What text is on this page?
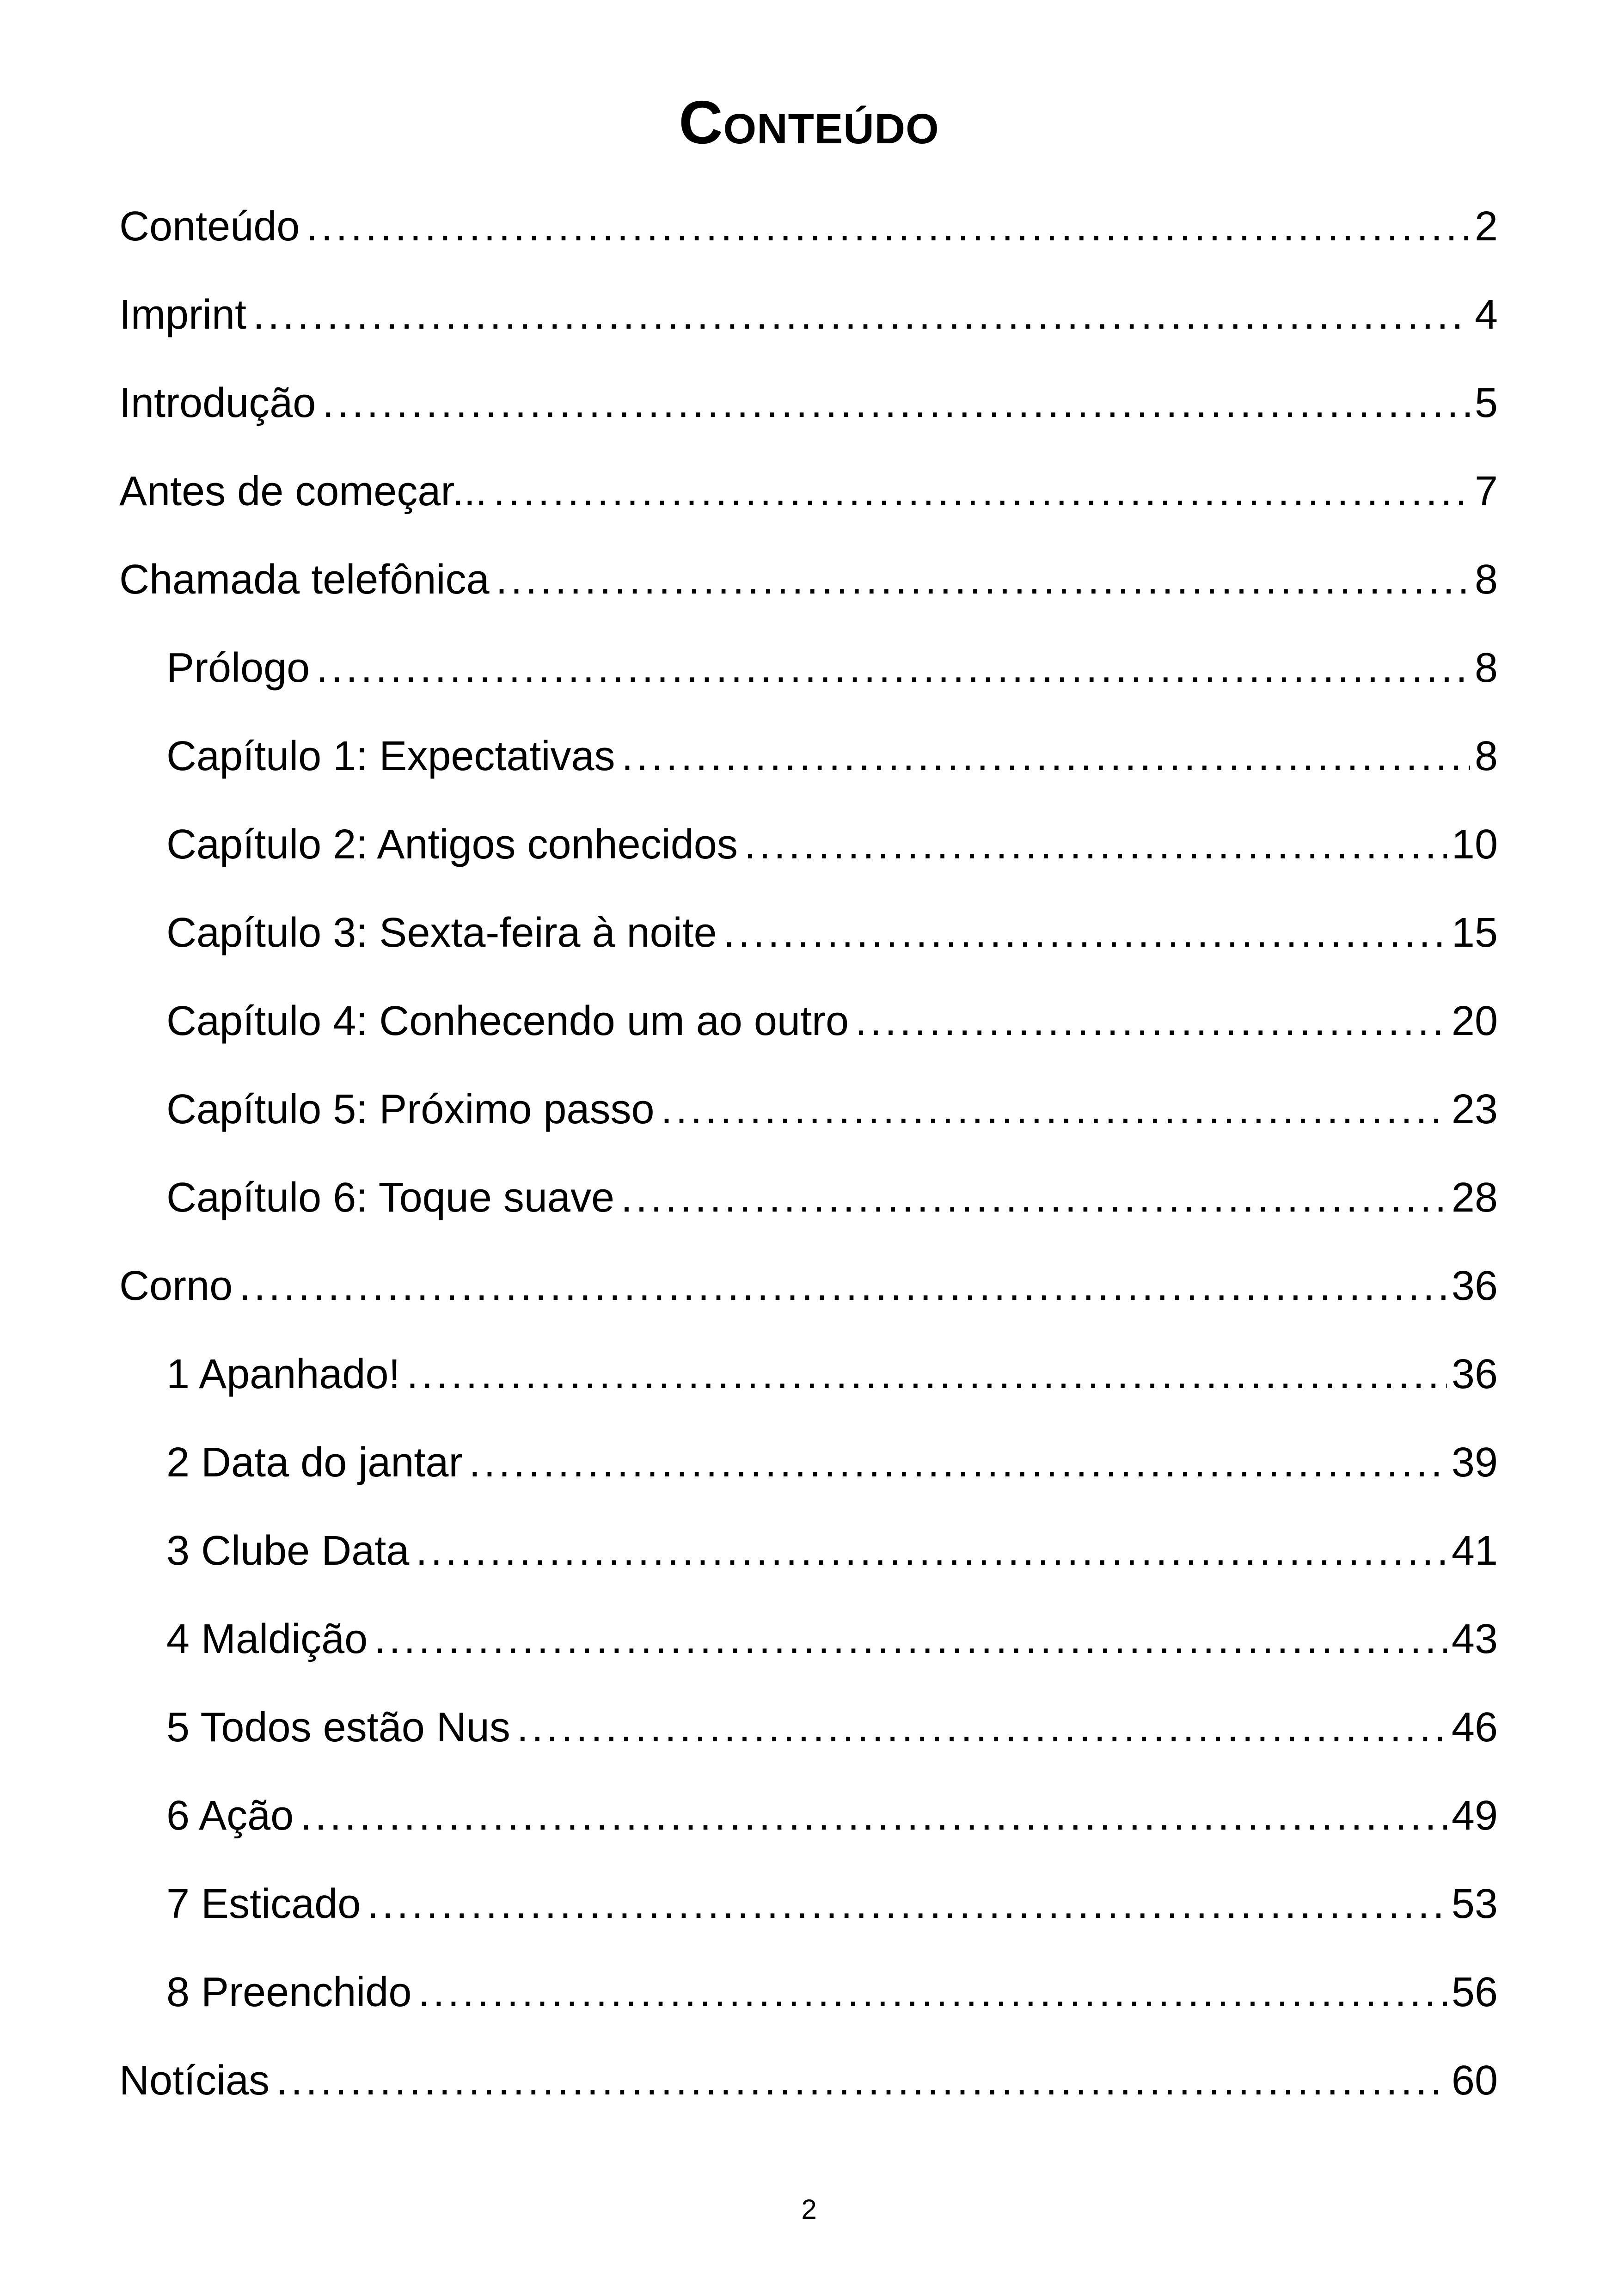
Conteúdo
Conteúdo . . .	2
Imprint . . .	4
Introdução . . .	5
Antes de começar... . . .	7
Chamada telefônica . . .	8
Prólogo . . .	8
Capítulo 1: Expectativas . . .	8
Capítulo 2: Antigos conhecidos . . .	10
Capítulo 3: Sexta-feira à noite . . .	15
Capítulo 4: Conhecendo um ao outro . . .	20
Capítulo 5: Próximo passo . . .	23
Capítulo 6: Toque suave . . .	28
Corno . . .	36
1 Apanhado! . . .	36
2 Data do jantar . . .	39
3 Clube Data . . .	41
4 Maldição . . .	43
5 Todos estão Nus . . .	46
6 Ação . . .	49
7 Esticado . . .	53
8 Preenchido . . .	56
Notícias . . .	60
2
